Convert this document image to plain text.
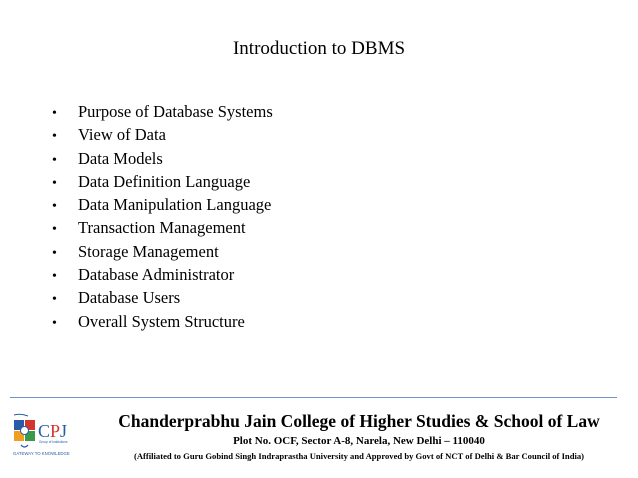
Introduction to DBMS
•	Purpose of Database Systems
•	View of Data
•	Data Models
•	Data Definition Language
•	Data Manipulation Language
•	Transaction Management
•	Storage Management
•	Database Administrator
•	Database Users
•	Overall System Structure
CPJ
Group of Institutions
GATEWAY TO KNOWLEDGE
Chanderprabhu Jain College of Higher Studies & School of Law
Plot No. OCF, Sector A-8, Narela, New Delhi – 110040
(Affiliated to Guru Gobind Singh Indraprastha University and Approved by Govt of NCT of Delhi & Bar Council of India)
